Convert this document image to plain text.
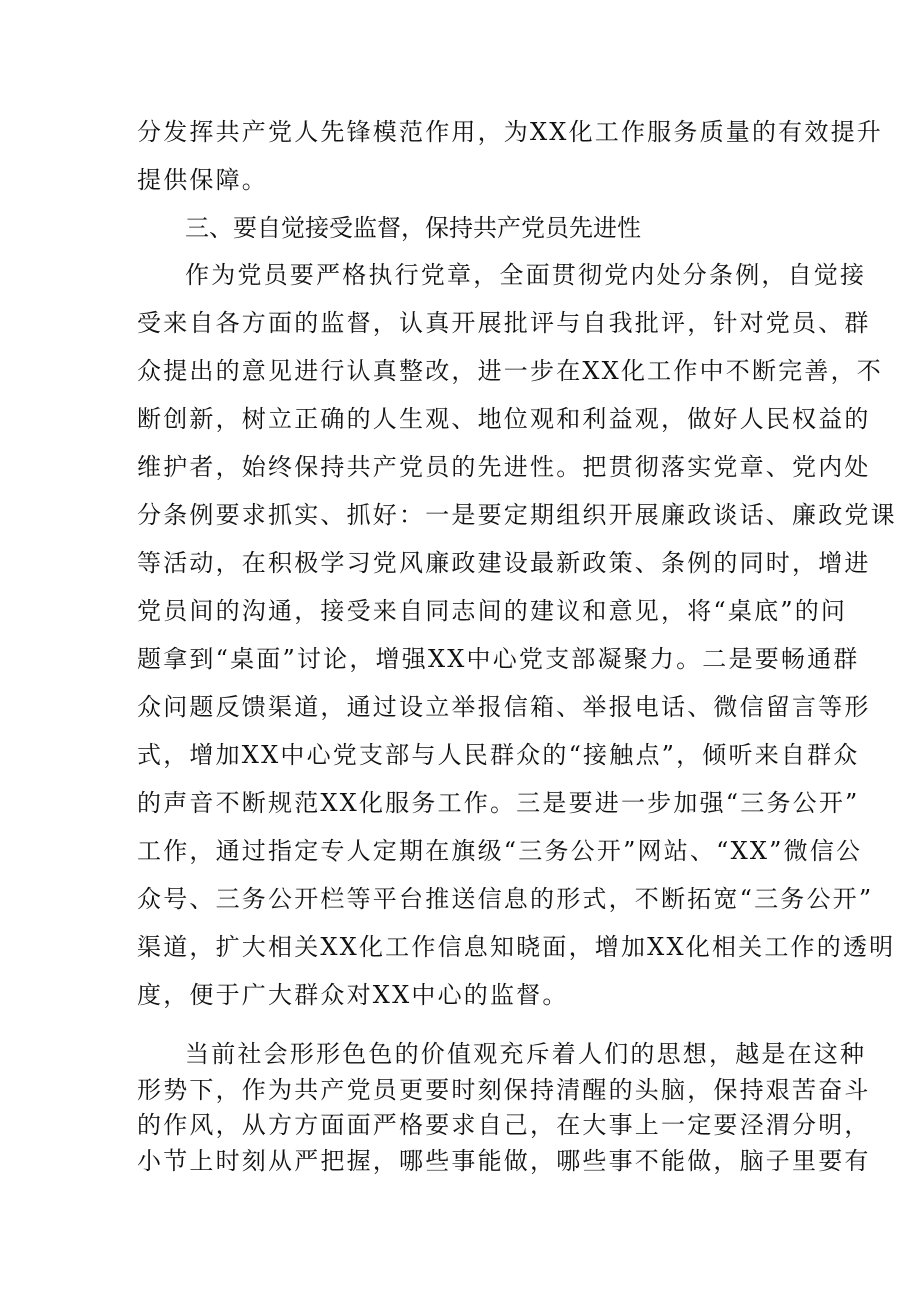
分发挥共产党人先锋模范作用，为XX化工作服务质量的有效提升
提供保障。
三、要自觉接受监督，保持共产党员先进性
作为党员要严格执行党章，全面贯彻党内处分条例，自觉接
受来自各方面的监督，认真开展批评与自我批评，针对党员、群
众提出的意见进行认真整改，进一步在XX化工作中不断完善，不
断创新，树立正确的人生观、地位观和利益观，做好人民权益的
维护者，始终保持共产党员的先进性。把贯彻落实党章、党内处
分条例要求抓实、抓好：一是要定期组织开展廉政谈话、廉政党课
等活动，在积极学习党风廉政建设最新政策、条例的同时，增进
党员间的沟通，接受来自同志间的建议和意见，将“桌底”的问
题拿到“桌面”讨论，增强XX中心党支部凝聚力。二是要畅通群
众问题反馈渠道，通过设立举报信箱、举报电话、微信留言等形
式，增加XX中心党支部与人民群众的“接触点”，倾听来自群众
的声音不断规范XX化服务工作。三是要进一步加强“三务公开”
工作，通过指定专人定期在旗级“三务公开”网站、“XX”微信公
众号、三务公开栏等平台推送信息的形式，不断拓宽“三务公开”
渠道，扩大相关XX化工作信息知晓面，增加XX化相关工作的透明
度，便于广大群众对XX中心的监督。
当前社会形形色色的价值观充斥着人们的思想，越是在这种
形势下，作为共产党员更要时刻保持清醒的头脑，保持艰苦奋斗
的作风，从方方面面严格要求自己，在大事上一定要泾渭分明，
小节上时刻从严把握，哪些事能做，哪些事不能做，脑子里要有
